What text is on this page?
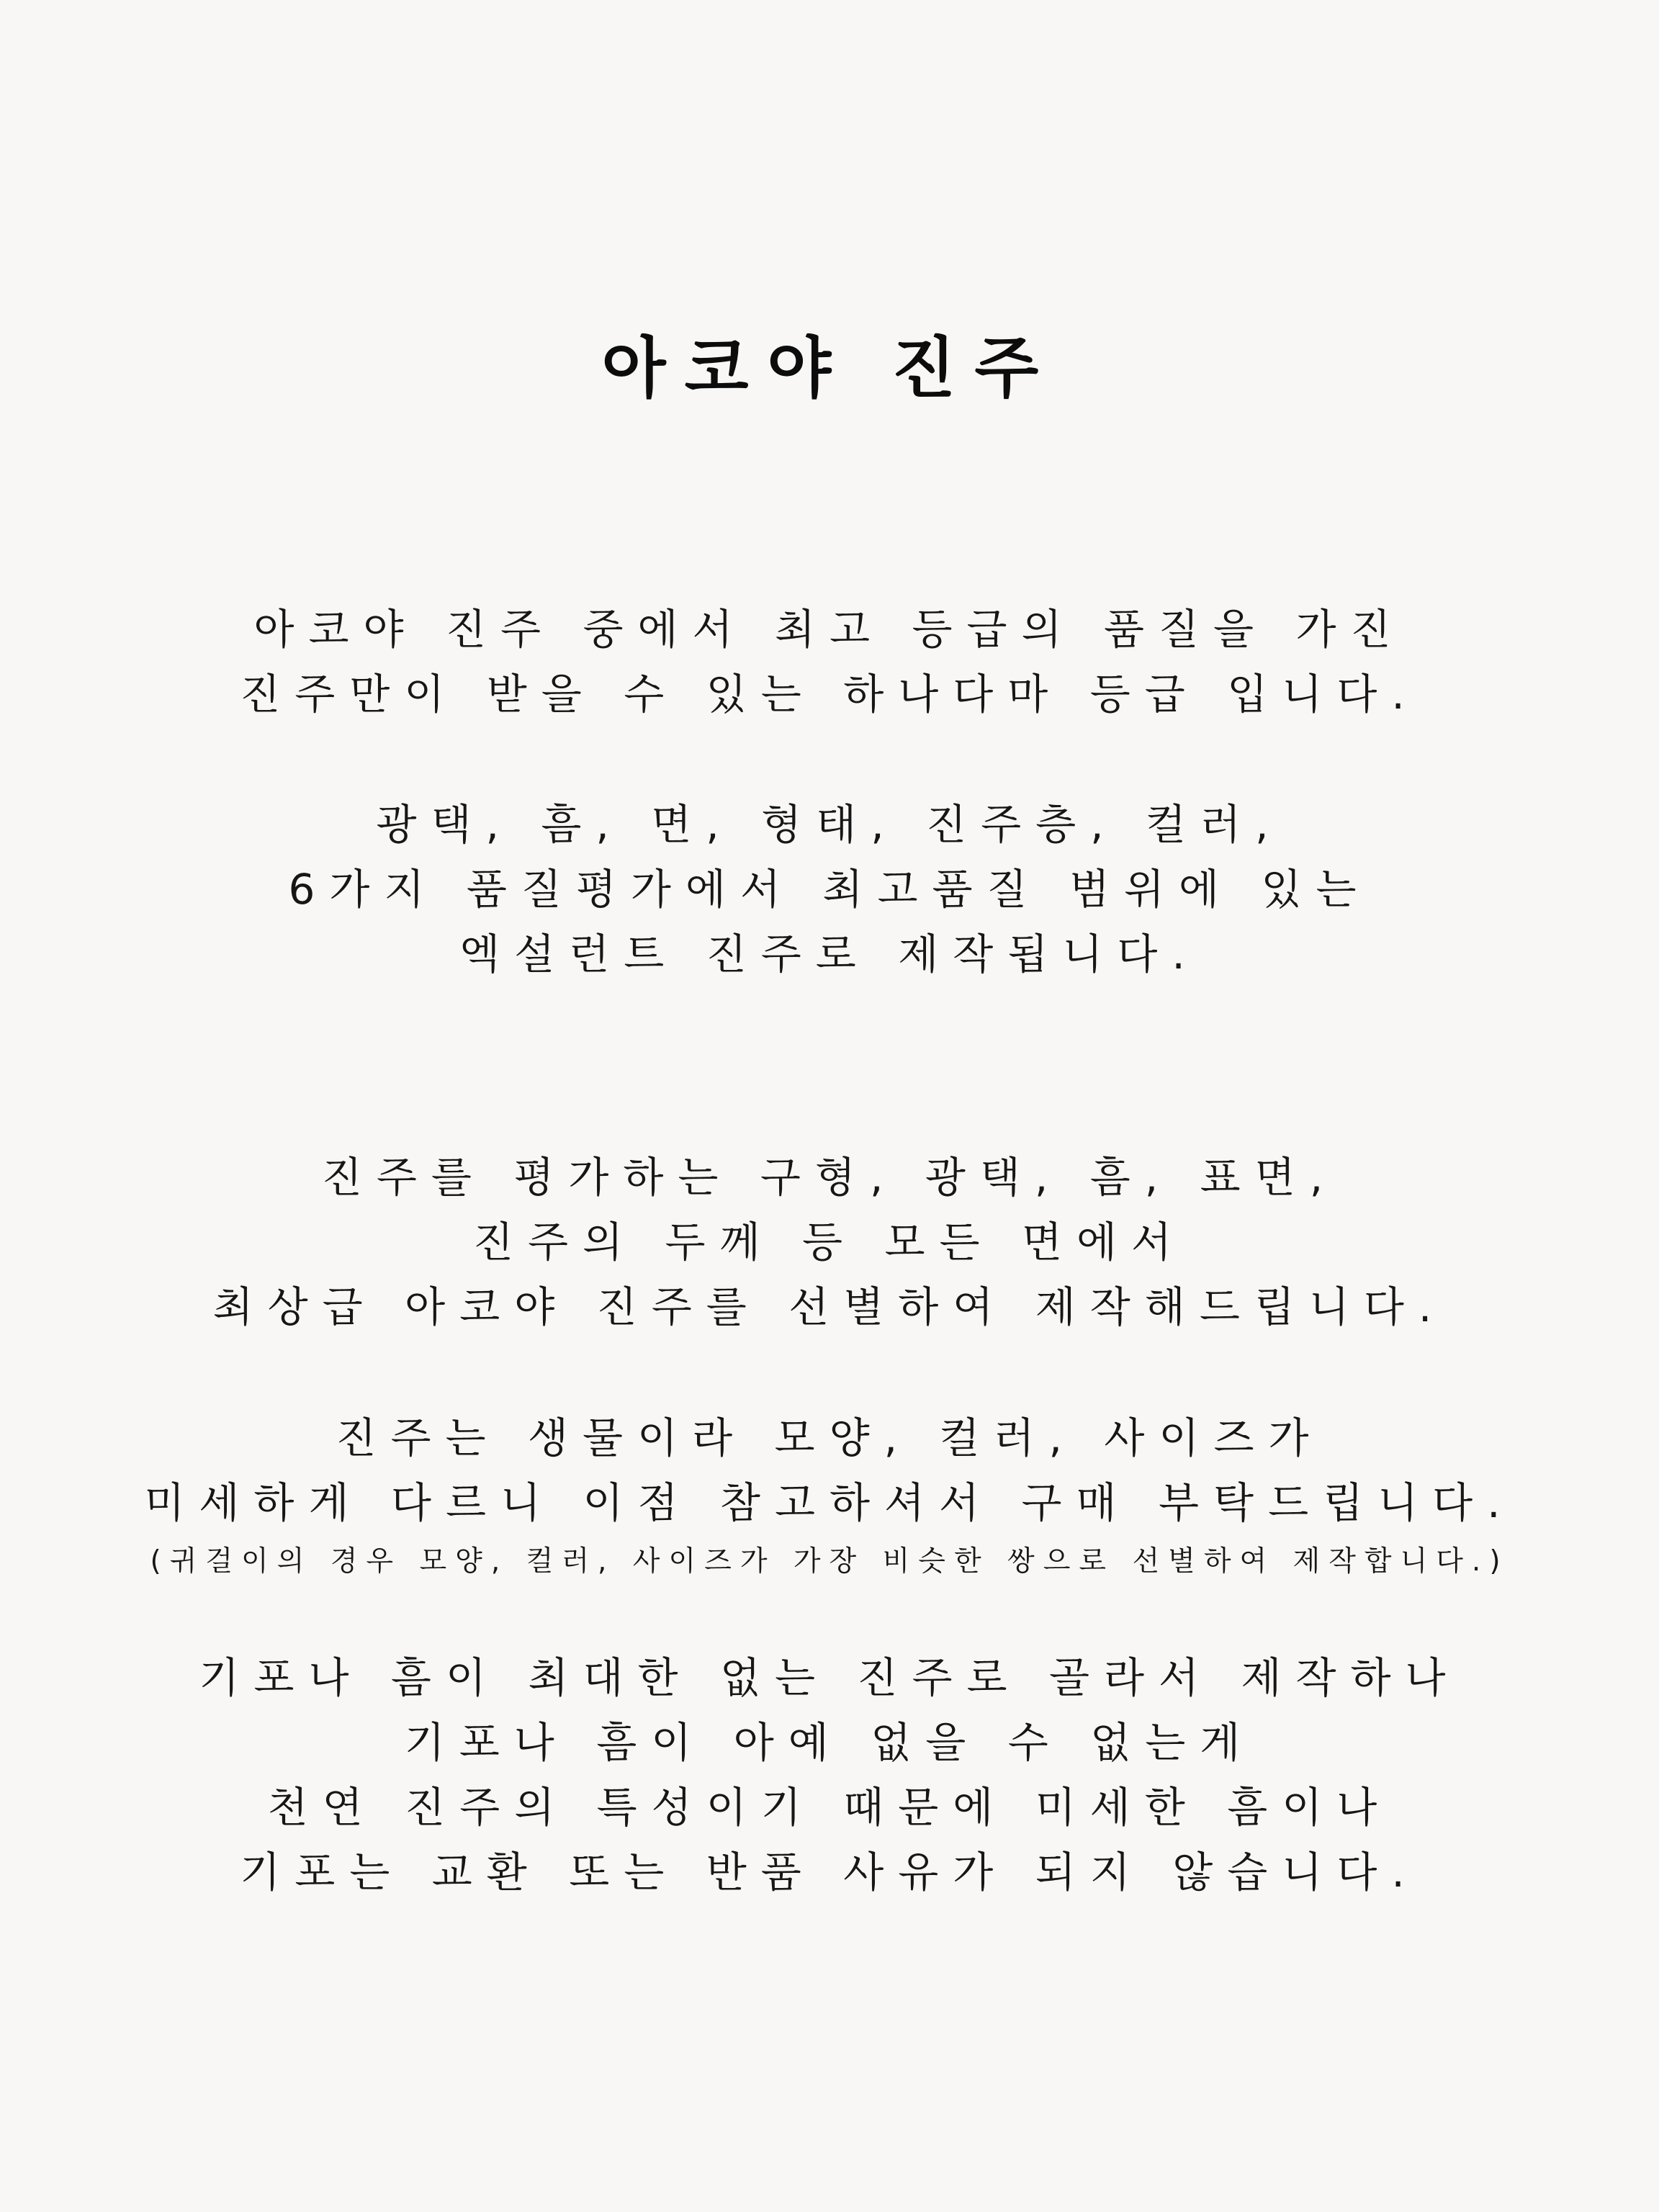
아코야 진주
아코야 진주 중에서 최고 등급의 품질을 가진
진주만이 받을 수 있는 하나다마 등급 입니다.
광택, 흠, 면, 형태, 진주층, 컬러,
6가지 품질평가에서 최고품질 범위에 있는
엑설런트 진주로 제작됩니다.
진주를 평가하는 구형, 광택, 흠, 표면,
진주의 두께 등 모든 면에서
최상급 아코야 진주를 선별하여 제작해드립니다.
진주는 생물이라 모양, 컬러, 사이즈가
미세하게 다르니 이점 참고하셔서 구매 부탁드립니다.
(귀걸이의 경우 모양, 컬러, 사이즈가 가장 비슷한 쌍으로 선별하여 제작합니다.)
기포나 흠이 최대한 없는 진주로 골라서 제작하나
기포나 흠이 아예 없을 수 없는게
천연 진주의 특성이기 때문에 미세한 흠이나
기포는 교환 또는 반품 사유가 되지 않습니다.
